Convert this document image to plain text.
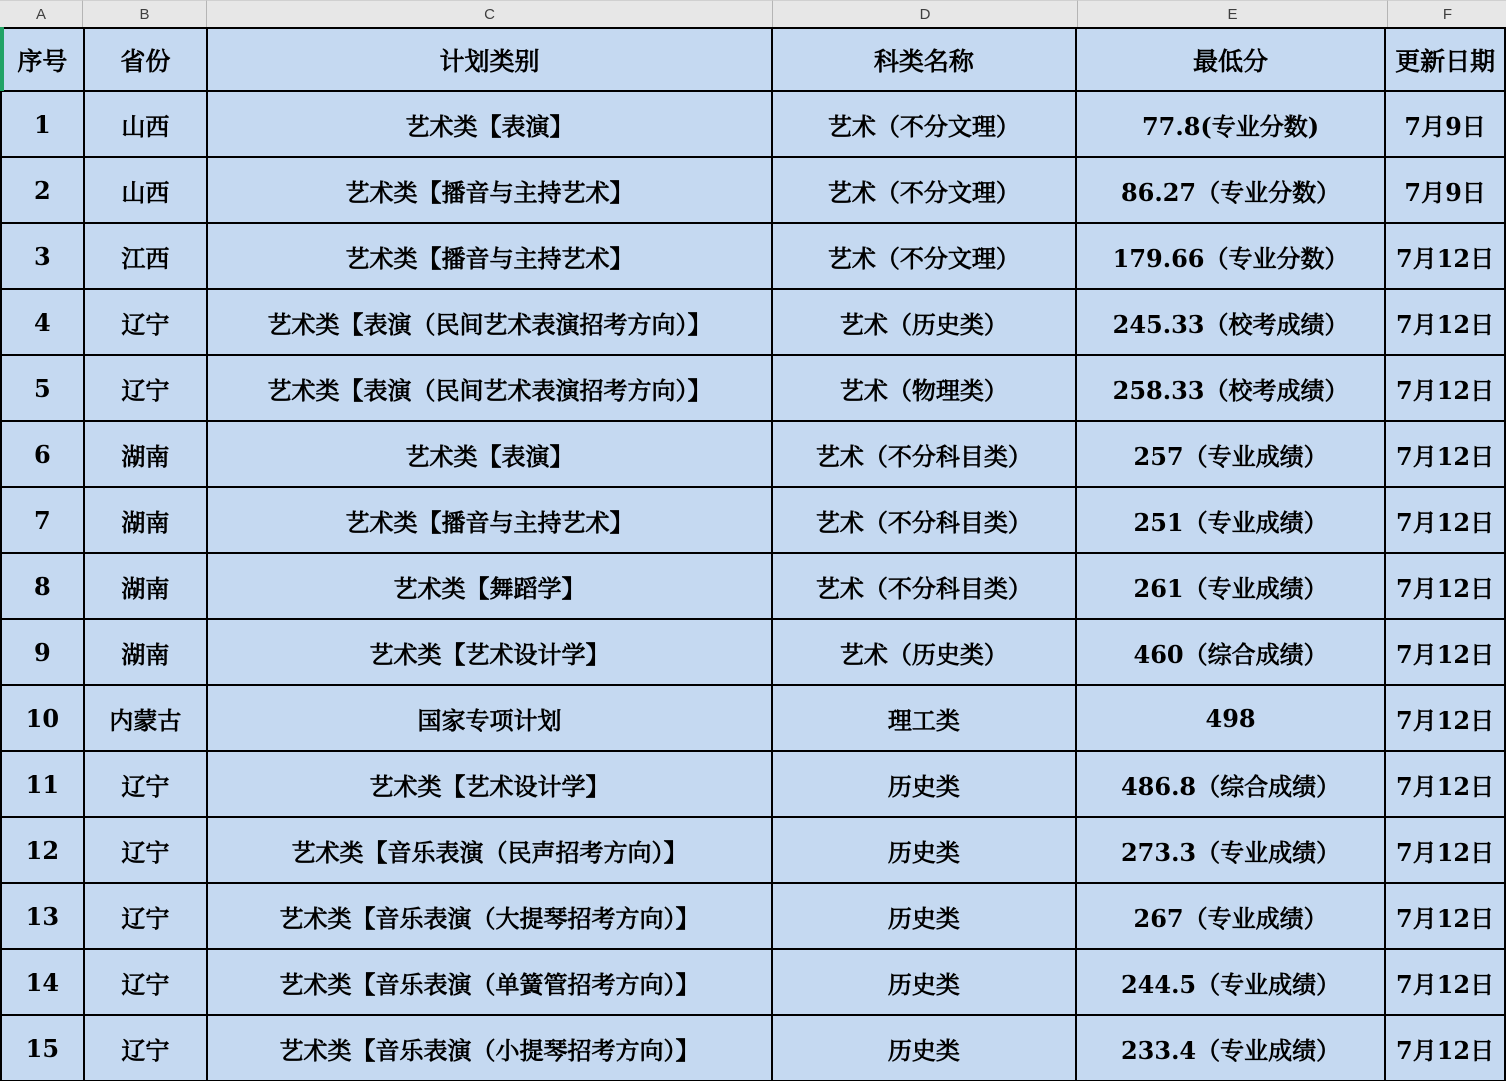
A	B	C	D	E	F
序号	省份	计划类别	科类名称	最低分	更新日期
1	山西	艺术类【表演】	艺术（不分文理）	77.8(专业分数)	7月9日
2	山西	艺术类【播音与主持艺术】	艺术（不分文理）	86.27（专业分数）	7月9日
3	江西	艺术类【播音与主持艺术】	艺术（不分文理）	179.66（专业分数）	7月12日
4	辽宁	艺术类【表演（民间艺术表演招考方向）】	艺术（历史类）	245.33（校考成绩）	7月12日
5	辽宁	艺术类【表演（民间艺术表演招考方向）】	艺术（物理类）	258.33（校考成绩）	7月12日
6	湖南	艺术类【表演】	艺术（不分科目类）	257（专业成绩）	7月12日
7	湖南	艺术类【播音与主持艺术】	艺术（不分科目类）	251（专业成绩）	7月12日
8	湖南	艺术类【舞蹈学】	艺术（不分科目类）	261（专业成绩）	7月12日
9	湖南	艺术类【艺术设计学】	艺术（历史类）	460（综合成绩）	7月12日
10	内蒙古	国家专项计划	理工类	498	7月12日
11	辽宁	艺术类【艺术设计学】	历史类	486.8（综合成绩）	7月12日
12	辽宁	艺术类【音乐表演（民声招考方向）】	历史类	273.3（专业成绩）	7月12日
13	辽宁	艺术类【音乐表演（大提琴招考方向）】	历史类	267（专业成绩）	7月12日
14	辽宁	艺术类【音乐表演（单簧管招考方向）】	历史类	244.5（专业成绩）	7月12日
15	辽宁	艺术类【音乐表演（小提琴招考方向）】	历史类	233.4（专业成绩）	7月12日
